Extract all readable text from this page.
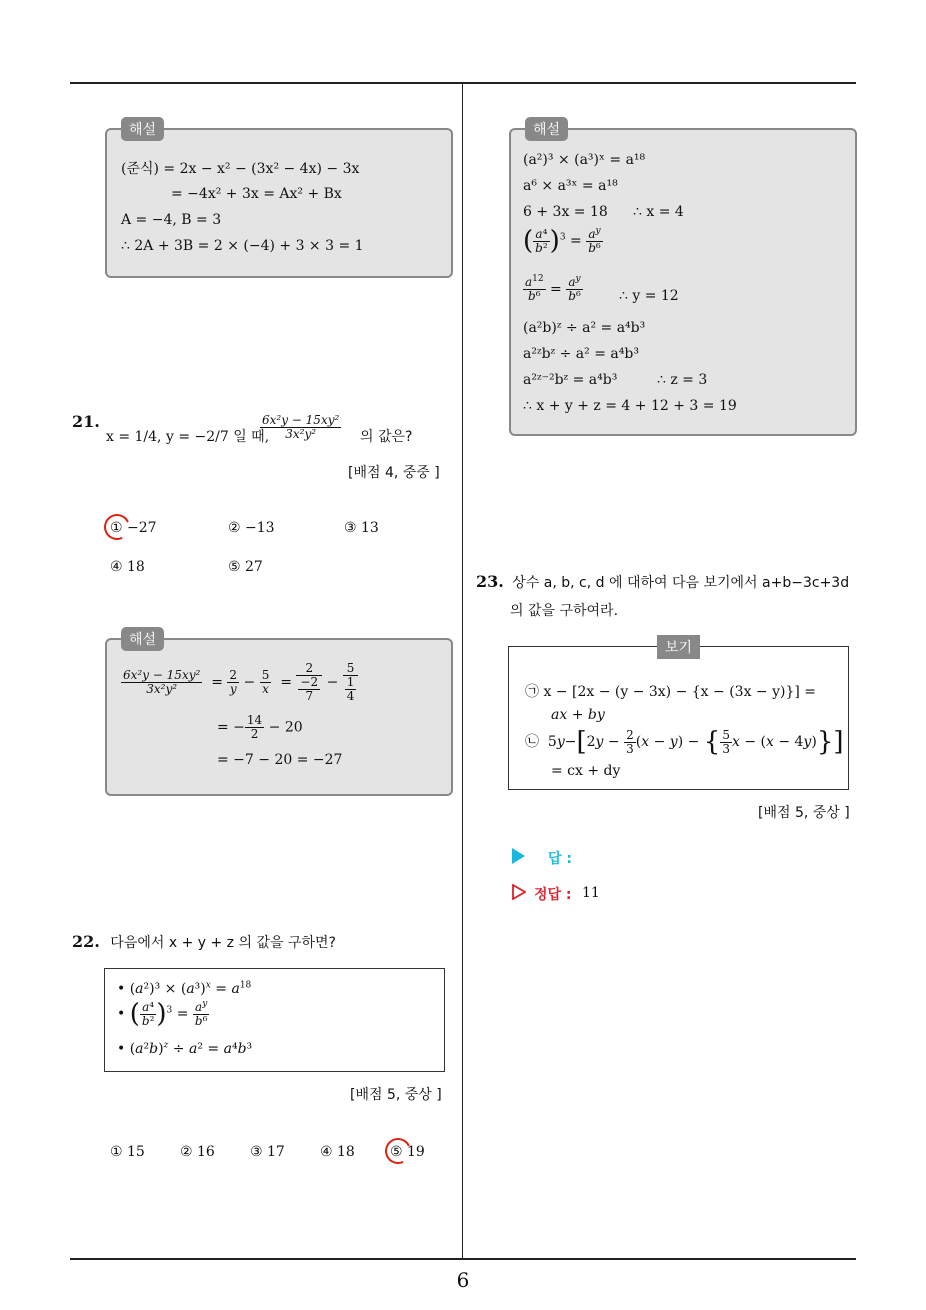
6
해설
(준식) = 2x − x² − (3x² − 4x) − 3x
= −4x² + 3x = Ax² + Bx
A = −4, B = 3
∴ 2A + 3B = 2 × (−4) + 3 × 3 = 1
21.
x = 1/4, y = −2/7 일 때,
$\frac{\text{6x²y − 15xy²}}{\text{3x²y²}}$ 의 값은?
[배점 4, 중중 ]
① −27	② −13	③ 13
④ 18	⑤ 27
해설
$\frac{\text{6x²y − 15xy²}}{\text{3x²y²}} = \frac{2}{y} - \frac{5}{x} = \frac{2}{\frac{-2}{7}} - \frac{5}{\frac{1}{4}}$
= − $\frac{14}{2} - 20$
= −7 − 20 = −27
22. 다음에서 x + y + z 의 값을 구하면?
• $(a^2)^3 \times (a^3)^x = a^{18}$
• ( $\frac{\text{a⁴}}{\text{b²}} )^3 = \frac{a^y}{\text{b⁶}}$
• $(a^2b)^z \div a^2 = a^4b^3$
[배점 5, 중상 ]
① 15	② 16	③ 17	④ 18	⑤ 19
해설
(a²)³ × (a³)ˣ = a¹⁸
a⁶ × a³ˣ = a¹⁸
6 + 3x = 18 ∴ x = 4
( $\frac{\text{a⁴}}{\text{b²}} )^3 = \frac{a^y}{\text{b⁶}}$
$\frac{a^{12}}{\text{b⁶}} = \frac{a^y}{\text{b⁶}}$	∴ y = 12
(a²b)ᶻ ÷ a² = a⁴b³
a²ᶻbᶻ ÷ a² = a⁴b³
a²ᶻ⁻²bᶻ = a⁴b³	∴ z = 3
∴ x + y + z = 4 + 12 + 3 = 19
23. 상수 a, b, c, d 에 대하여 다음 보기에서 a+b−3c+3d
의 값을 구하여라.
보기
㉠ x − [2x − (y − 3x) − {x − (3x − y)}] =
ax + by
㉡  $5y-[2y - \frac{2}{3} (x - y)$ − { $\frac{5}{3}$ x − (x − 4y)}]
= cx + dy
[배점 5, 중상 ]
답 :
정답 : 11
